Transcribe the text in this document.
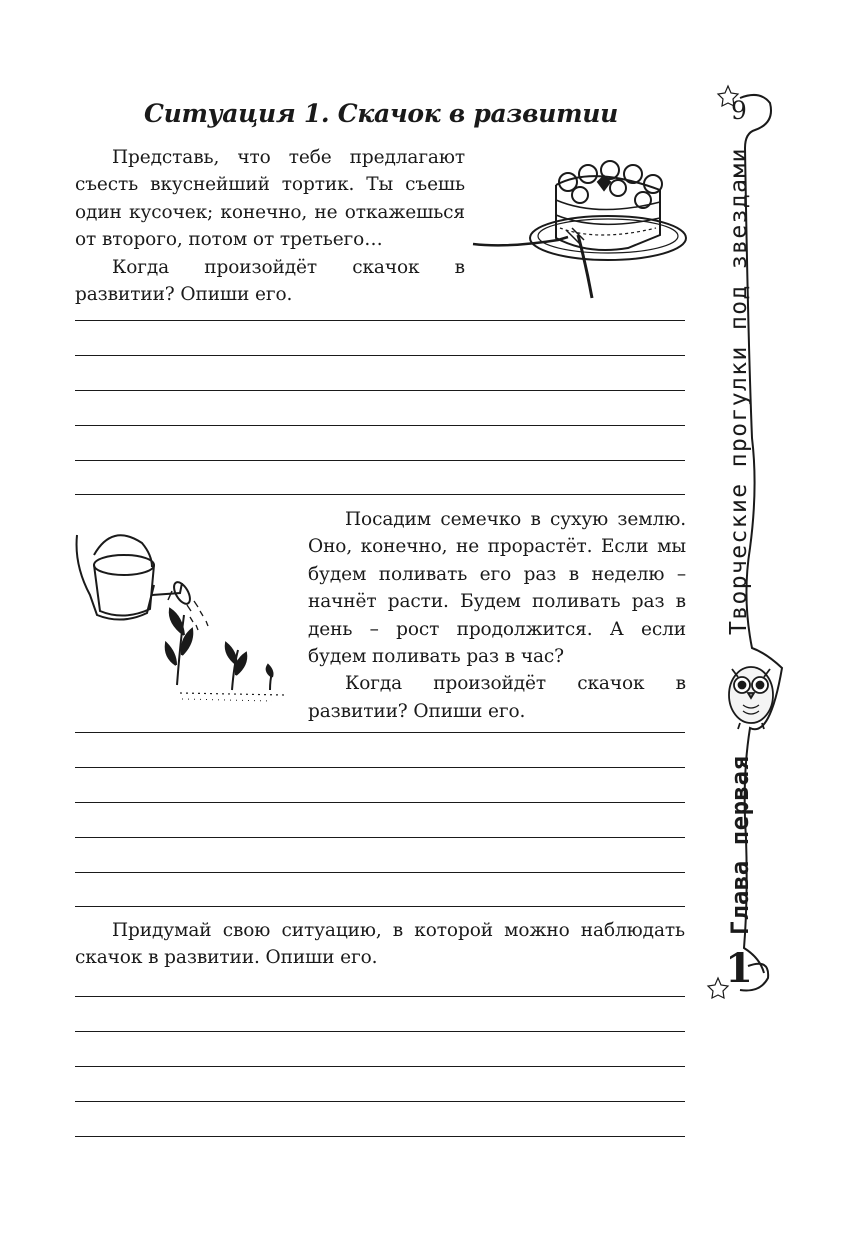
Ситуация 1. Скачок в развитии

Представь, что тебе предлагают съесть вкуснейший тортик. Ты съешь один кусочек; конечно, не откажешься от второго, потом от третьего…

Когда произойдёт скачок в развитии? Опиши его.

Посадим семечко в сухую землю. Оно, конечно, не прорастёт. Если мы будем поливать его раз в неделю – начнёт расти. Будем поливать раз в день – рост продолжится. А если будем поливать раз в час?

Когда произойдёт скачок в развитии? Опиши его.

Придумай свою ситуацию, в которой можно наблюдать скачок в развитии. Опиши его.

9
Творческие прогулки под звездами
Глава первая
1
